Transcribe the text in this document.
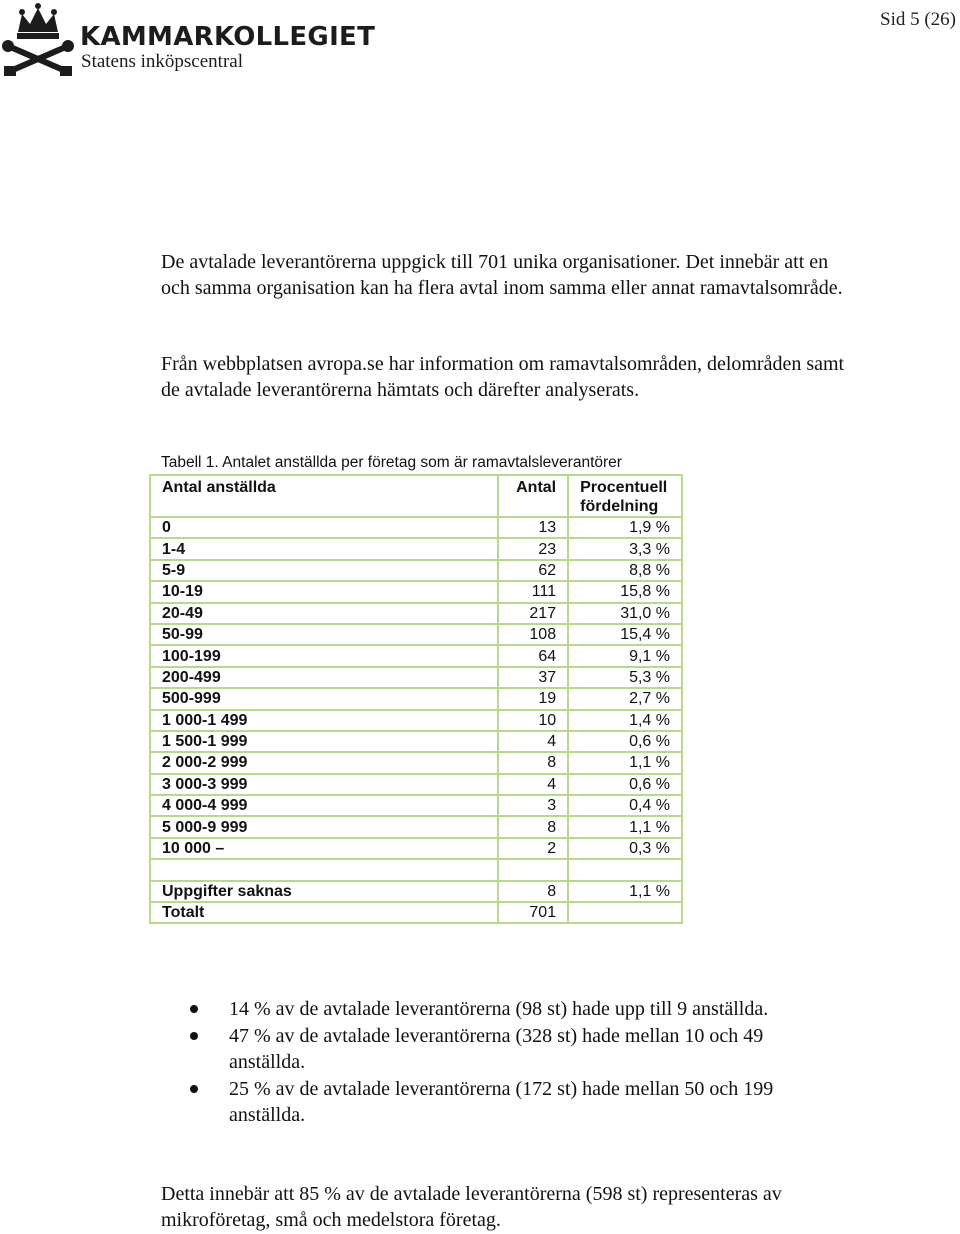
KAMMARKOLLEGIET
Statens inköpscentral
Sid 5 (26)

De avtalade leverantörerna uppgick till 701 unika organisationer. Det innebär att en och samma organisation kan ha flera avtal inom samma eller annat ramavtalsområde.

Från webbplatsen avropa.se har information om ramavtalsområden, delområden samt de avtalade leverantörerna hämtats och därefter analyserats.

Tabell 1. Antalet anställda per företag som är ramavtalsleverantörer
Antal anställda	Antal	Procentuell fördelning
0	13	1,9 %
1-4	23	3,3 %
5-9	62	8,8 %
10-19	111	15,8 %
20-49	217	31,0 %
50-99	108	15,4 %
100-199	64	9,1 %
200-499	37	5,3 %
500-999	19	2,7 %
1 000-1 499	10	1,4 %
1 500-1 999	4	0,6 %
2 000-2 999	8	1,1 %
3 000-3 999	4	0,6 %
4 000-4 999	3	0,4 %
5 000-9 999	8	1,1 %
10 000 –	2	0,3 %

Uppgifter saknas	8	1,1 %
Totalt	701	
14 % av de avtalade leverantörerna (98 st) hade upp till 9 anställda.
47 % av de avtalade leverantörerna (328 st) hade mellan 10 och 49 anställda.
25 % av de avtalade leverantörerna (172 st) hade mellan 50 och 199 anställda.

Detta innebär att 85 % av de avtalade leverantörerna (598 st) representeras av mikroföretag, små och medelstora företag.
